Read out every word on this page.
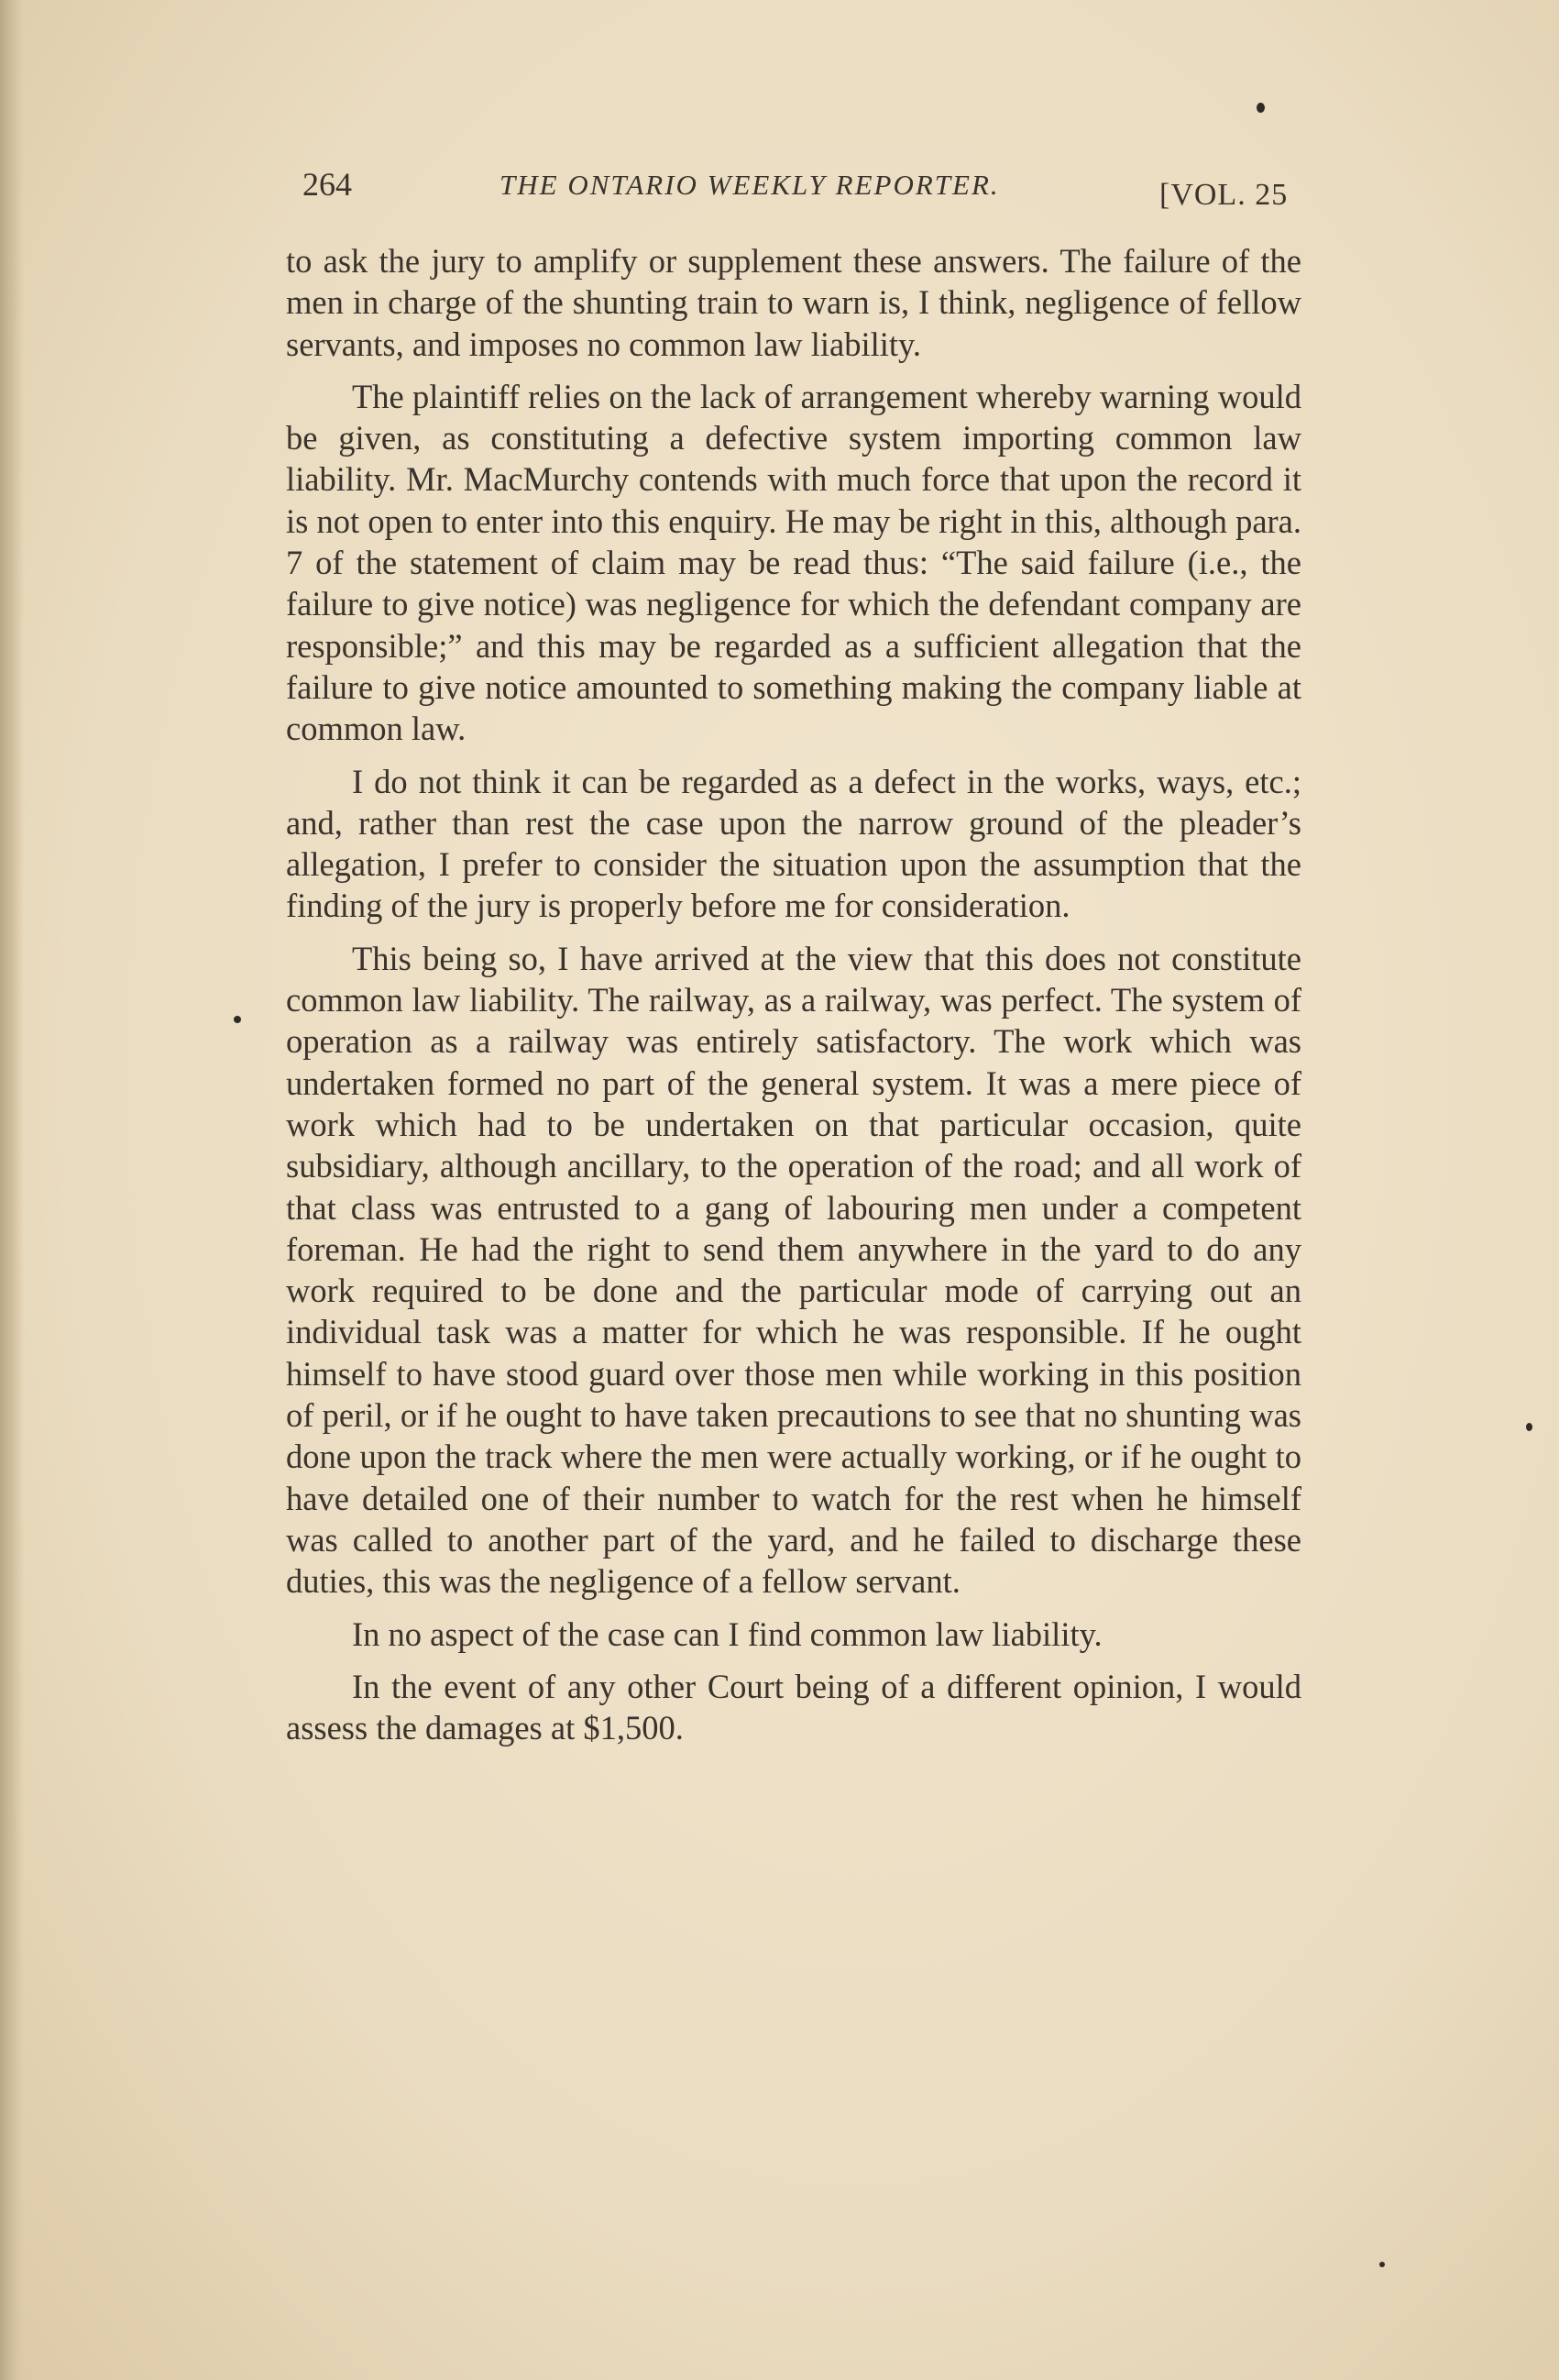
264	THE ONTARIO WEEKLY REPORTER.	[VOL. 25

to ask the jury to amplify or supplement these answers. The failure of the men in charge of the shunting train to warn is, I think, negligence of fellow servants, and imposes no common law liability.

The plaintiff relies on the lack of arrangement whereby warning would be given, as constituting a defective system importing common law liability. Mr. MacMurchy contends with much force that upon the record it is not open to enter into this enquiry. He may be right in this, although para. 7 of the statement of claim may be read thus: “The said failure (i.e., the failure to give notice) was negligence for which the defendant company are responsible;” and this may be regarded as a sufficient allegation that the failure to give notice amounted to something making the company liable at common law.

I do not think it can be regarded as a defect in the works, ways, etc.; and, rather than rest the case upon the narrow ground of the pleader’s allegation, I prefer to consider the situation upon the assumption that the finding of the jury is properly before me for consideration.

This being so, I have arrived at the view that this does not constitute common law liability. The railway, as a railway, was perfect. The system of operation as a railway was entirely satisfactory. The work which was undertaken formed no part of the general system. It was a mere piece of work which had to be undertaken on that particular occasion, quite subsidiary, although ancillary, to the operation of the road; and all work of that class was entrusted to a gang of labouring men under a competent foreman. He had the right to send them anywhere in the yard to do any work required to be done and the particular mode of carrying out an individual task was a matter for which he was responsible. If he ought himself to have stood guard over those men while working in this position of peril, or if he ought to have taken precautions to see that no shunting was done upon the track where the men were actually working, or if he ought to have detailed one of their number to watch for the rest when he himself was called to another part of the yard, and he failed to discharge these duties, this was the negligence of a fellow servant.

In no aspect of the case can I find common law liability.

In the event of any other Court being of a different opinion, I would assess the damages at $1,500.
